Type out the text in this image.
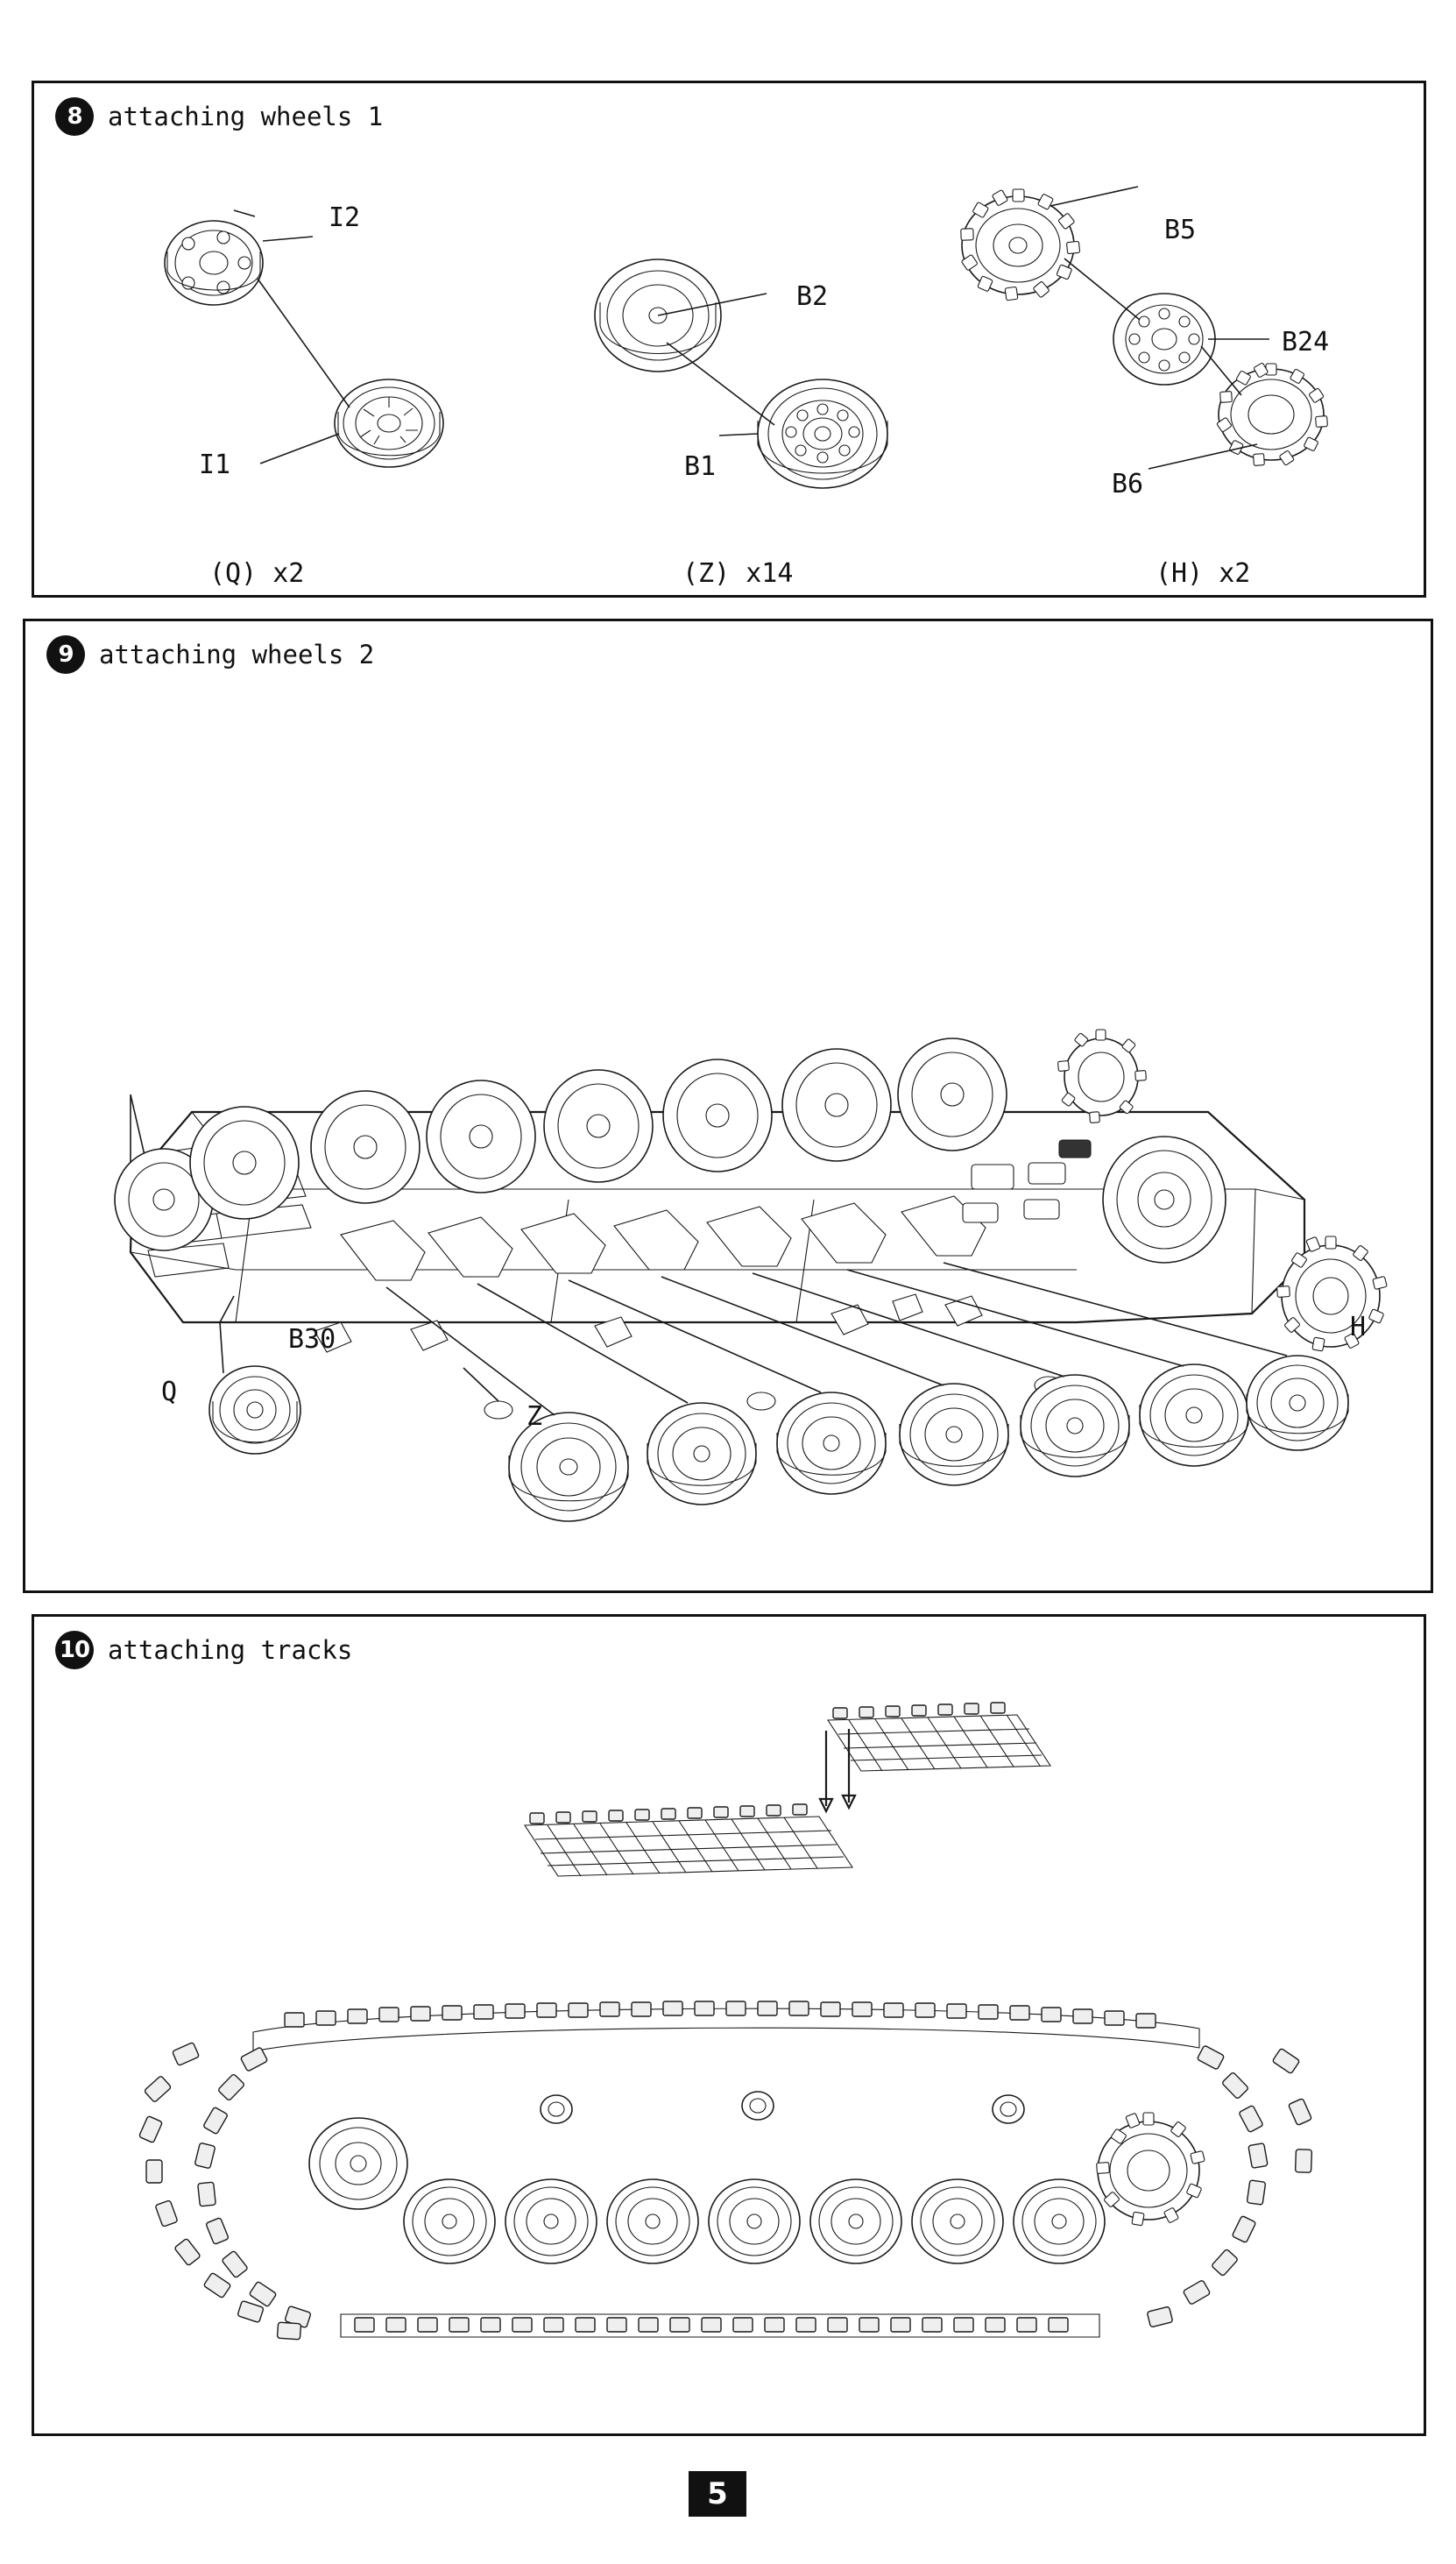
8	attaching wheels 1
I2
I1
B2
B1
B5
B24
B6
(Q) x2	(Z) x14	(H) x2
9	attaching wheels 2
B30
Q
Z
H
10 attaching tracks
5
